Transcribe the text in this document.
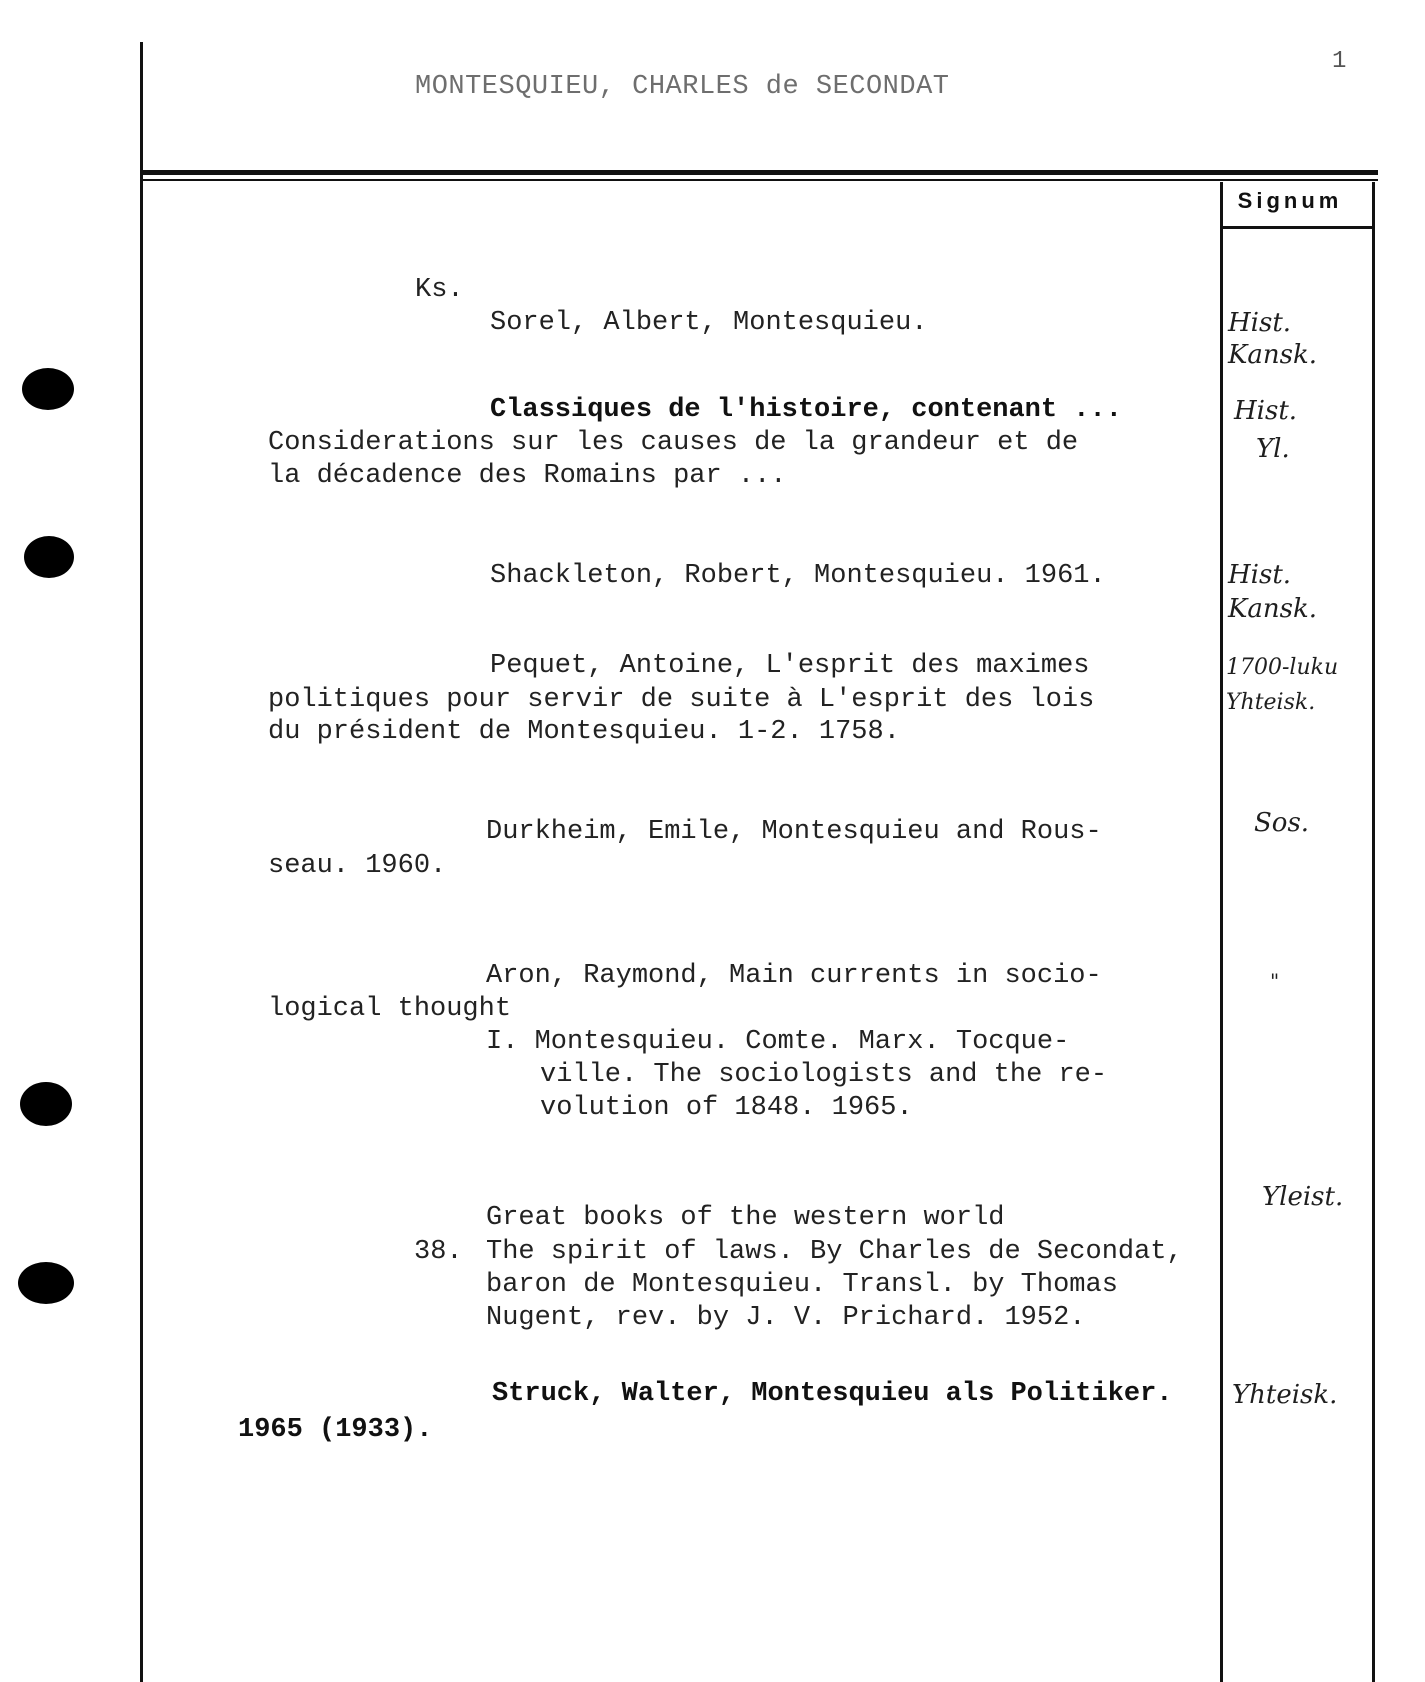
MONTESQUIEU, CHARLES de SECONDAT
1
Signum
Ks.
Sorel, Albert, Montesquieu.	Hist.
Kansk.
Classiques de l'histoire, contenant ...
Considerations sur les causes de la grandeur et de
la décadence des Romains par ...
Hist.
Yl.
Shackleton, Robert, Montesquieu. 1961.	Hist.
Kansk.
Pequet, Antoine, L'esprit des maximes
politiques pour servir de suite à L'esprit des lois
du président de Montesquieu. 1-2. 1758.
1700-luku
Yhteisk.
Durkheim, Emile, Montesquieu and Rous-
seau. 1960.
Sos.
Aron, Raymond, Main currents in socio-
logical thought
I. Montesquieu. Comte. Marx. Tocque-
ville. The sociologists and the re-
volution of 1848. 1965.
"
Great books of the western world
38. The spirit of laws. By Charles de Secondat,
baron de Montesquieu. Transl. by Thomas
Nugent, rev. by J. V. Prichard. 1952.
Yleist.
Struck, Walter, Montesquieu als Politiker.
1965 (1933).
Yhteisk.
